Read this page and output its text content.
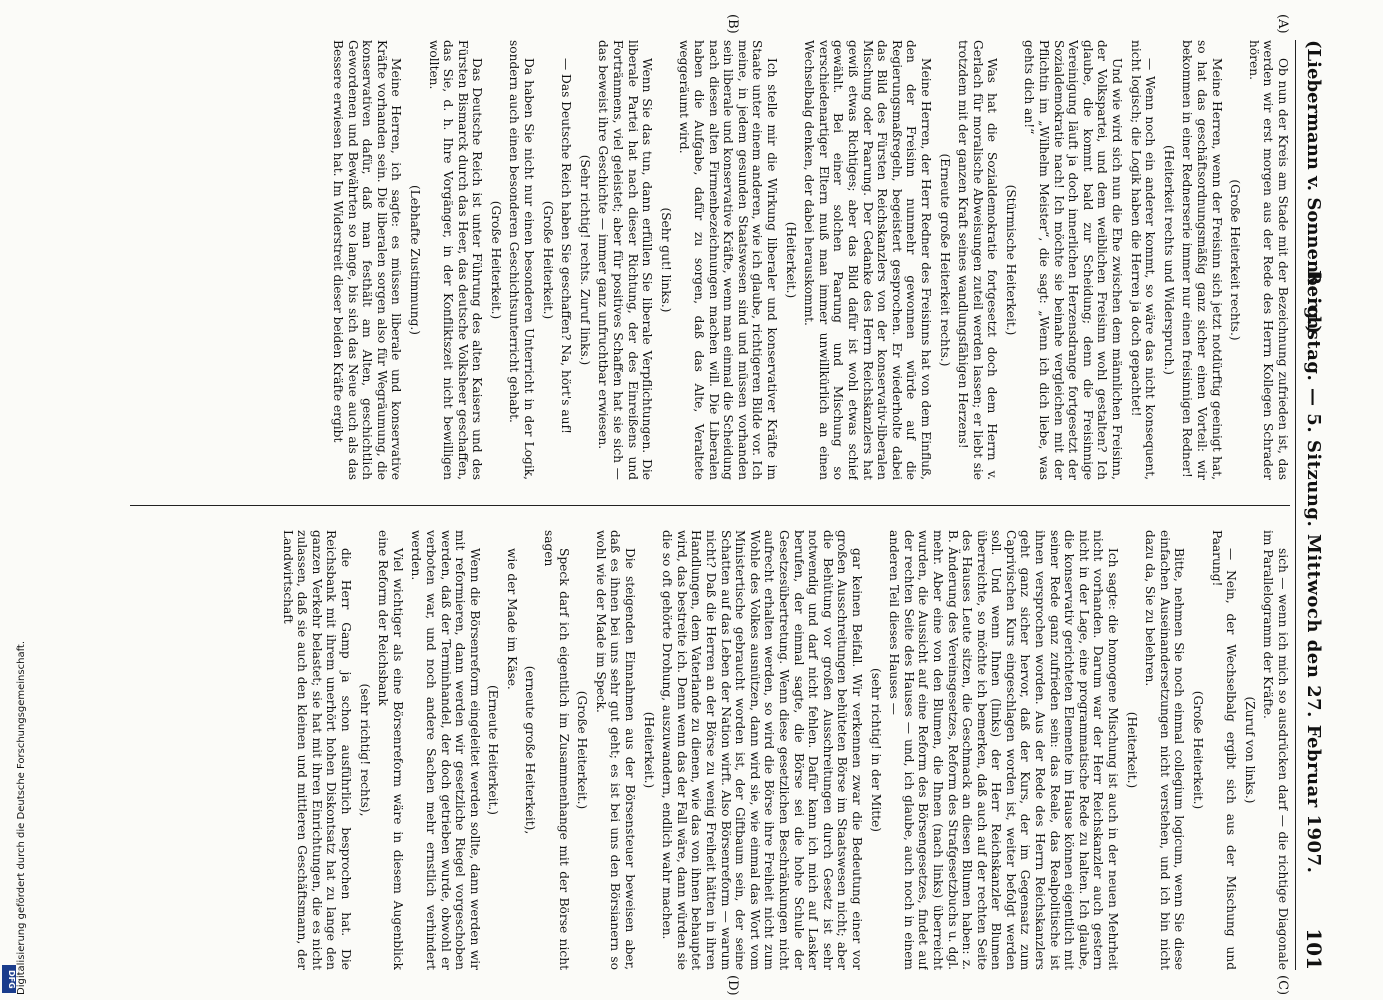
(Liebermann v. Sonnenberg.)
Reichstag. — 5. Sitzung. Mittwoch den 27. Februar 1907.
101
(A)
(B)
(C)
(D)

Ob nun der Kreis am Stade mit der Bezeichnung zufrieden ist, das werden wir erst morgen aus der Rede des Herrn Kollegen Schrader hören.

(Große Heiterkeit rechts.)

Meine Herren, wenn der Freisinn sich jetzt notdürftig geeinigt hat, so hat das geschäftsordnungsmäßig ganz sicher einen Vorteil: wir bekommen in einer Rednerserie immer nur einen freisinnigen Redner!

(Heiterkeit rechts und Widerspruch.)

— Wenn noch ein anderer kommt, so wäre das nicht konsequent, nicht logisch; die Logik haben die Herren ja doch gepachtet!

Und wie wird sich nun die Ehe zwischen dem männlichen Freisinn, der Volkspartei, und dem weiblichen Freisinn wohl gestalten? Ich glaube, die kommt bald zur Scheidung; denn die Freisinnige Vereinigung läuft ja doch innerlichen Herzensdrange fortgesetzt der Sozialdemokratie nach! Ich möchte sie beinahe vergleichen mit der Pflichtin im „Wilhelm Meister“, die sagt: „Wenn ich dich liebe, was gehts dich an!“

(Stürmische Heiterkeit.)

Was hat die Sozialdemokratie fortgesetzt doch dem Herrn v. Gerlach für moralische Abweisungen zuteil werden lassen; er liebt sie trotzdem mit der ganzen Kraft seines wandlungsfähigen Herzens!

(Erneute große Heiterkeit rechts.)

Meine Herren, der Herr Redner des Freisinns hat von dem Einfluß, den der Freisinn nunmehr gewonnen würde auf die Regierungsmaßregeln, begeistert gesprochen. Er wiederholte dabei das Bild des Fürsten Reichskanzlers von der konservativ-liberalen Mischung oder Paarung. Der Gedanke des Herrn Reichskanzlers hat gewiß etwas Richtiges; aber das Bild dafür ist wohl etwas schief gewählt. Bei einer solchen Paarung und Mischung so verschiedenartiger Eltern muß man immer unwillkürlich an einen Wechselbalg denken, der dabei herauskommt.

(Heiterkeit.)

Ich stelle mir die Wirkung liberaler und konservativer Kräfte im Staate unter einem anderen, wie ich glaube, richtigeren Bilde vor. Ich meine, in jedem gesunden Staatswesen sind und müssen vorhanden sein liberale und konservative Kräfte, wenn man einmal die Scheidung nach diesen alten Firmenbezeichnungen machen will. Die Liberalen haben die Aufgabe, dafür zu sorgen, daß das Alte, Veraltete weggeräumt wird.

(Sehr gut! links.)

Wenn Sie das tun, dann erfüllen Sie liberale Verpflichtungen. Die liberale Partei hat nach dieser Richtung, der des Einreißens und Fortränmens, viel geleistet; aber für positives Schaffen hat sie sich — das beweist ihre Geschichte — immer ganz unfruchtbar erwiesen.

(Sehr richtig! rechts. Zuruf links.)

— Das Deutsche Reich haben Sie geschaffen? Na, hört's auf!

(Große Heiterkeit.)

Da haben Sie nicht nur einen besonderen Unterricht in der Logik, sondern auch einen besonderen Geschichtsunterricht gehabt.

(Große Heiterkeit.)

Das Deutsche Reich ist unter Führung des alten Kaisers und des Fürsten Bismarck durch das Heer, das deutsche Volksheer geschaffen, das Sie, d. h. Ihre Vorgänger, in der Konfliktszeit nicht bewilligen wollten.

(Lebhafte Zustimmung.)

Meine Herren, ich sagte: es müssen liberale und konservative Kräfte vorhanden sein. Die liberalen sorgen also für Wegräumung, die konservativen dafür, daß man festhält am Alten, geschichtlich Gewordenen und Bewährten so lange, bis sich das Neue auch als das Bessere erwiesen hat. Im Widerstreit dieser beiden Kräfte ergibt

sich — wenn ich mich so ausdrücken darf — die richtige Diagonale im Parallelogramm der Kräfte.

(Zuruf von links.)

— Nein, der Wechselbalg ergibt sich aus der Mischung und Paarung!

(Große Heiterkeit.)

Bitte, nehmen Sie noch einmal collegium logicum, wenn Sie diese einfachen Auseinandersetzungen nicht verstehen, und ich bin nicht dazu da, Sie zu belehren.

(Heiterkeit.)

Ich sagte: die homogene Mischung ist auch in der neuen Mehrheit nicht vorhanden. Darum war der Herr Reichskanzler auch gestern nicht in der Lage, eine programmatische Rede zu halten. Ich glaube, die konservativ gerichteten Elemente im Hause können eigentlich mit seiner Rede ganz zufrieden sein: das Reale, das Realpolitische ist ihnen versprochen worden. Aus der Rede des Herrn Reichskanzlers geht ganz sicher hervor, daß der Kurs, der im Gegensatz zum Caprivischen Kurs eingeschlagen worden ist, weiter befolgt werden soll. Und wenn Ihnen (links) der Herr Reichskanzler Blumen überreichte, so möchte ich bemerken, daß auch auf der rechten Seite des Hauses Leute sitzen, die Geschmack an diesen Blumen haben: z. B. Änderung des Vereinsgesetzes, Reform des Strafgesetzbuchs u. dgl. mehr. Aber eine von den Blumen, die Ihnen (nach links) überreicht wurden, die Aussicht auf eine Reform des Börsengesetzes, findet auf der rechten Seite des Hauses — und, ich glaube, auch noch in einem anderen Teil dieses Hauses —

(sehr richtig! in der Mitte)

gar keinen Beifall. Wir verkennen zwar die Bedeutung einer vor großen Ausschreitungen behüteten Börse im Staatswesen nicht; aber die Behütung vor großen Ausschreitungen durch Gesetz ist sehr notwendig und darf nicht fehlen. Dafür kann ich mich auf Lasker berufen, der einmal sagte, die Börse sei die hohe Schule der Gesetzesübertretung. Wenn diese gesetzlichen Beschränkungen nicht aufrecht erhalten werden, so wird die Börse ihre Freiheit nicht zum Wohle des Volkes ausnützen, dann wird sie, wie einmal das Wort vom Ministertische gebraucht worden ist, der Giftbaum sein, der seine Schatten auf das Leben der Nation wirft. Also Börsenreform — warum nicht? Daß die Herren an der Börse zu wenig Freiheit hätten in ihren Handlungen, dem Vaterlande zu dienen, wie das von ihnen behauptet wird, das bestreite ich. Denn wenn das der Fall wäre, dann würden sie die so oft gehörte Drohung, auszuwandern, endlich wahr machen.

(Heiterkeit.)

Die steigenden Einnahmen aus der Börsensteuer beweisen aber, daß es ihnen bei uns sehr gut geht; es ist bei uns den Börsianern so wohl wie der Made im Speck.

(Große Heiterkeit.)

Speck darf ich eigentlich im Zusammenhange mit der Börse nicht sagen

(erneute große Heiterkeit),

wie der Made im Käse.

(Erneute Heiterkeit.)

Wenn die Börsenreform eingeleitet werden sollte, dann werden wir mit reformieren, dann werden wir gesetzliche Riegel vorgeschoben werden, daß der Terminhandel, der doch getrieben wurde, obwohl er verboten war, und noch andere Sachen mehr ernstlich verhindert werden.

Viel wichtiger als eine Börsenreform wäre in diesem Augenblick eine Reform der Reichsbank

(sehr richtig! rechts),

die Herr Gamp ja schon ausführlich besprochen hat. Die Reichsbank mit ihrem unerhört hohen Diskontsatz hat zu lange den ganzen Verkehr belastet; sie hat mit ihren Einrichtungen, die es nicht zulassen, daß sie auch den kleinen und mittleren Geschäftsmann, der Landwirtschaft

DFG Digitalisierung gefördert durch die Deutsche Forschungsgemeinschaft.
